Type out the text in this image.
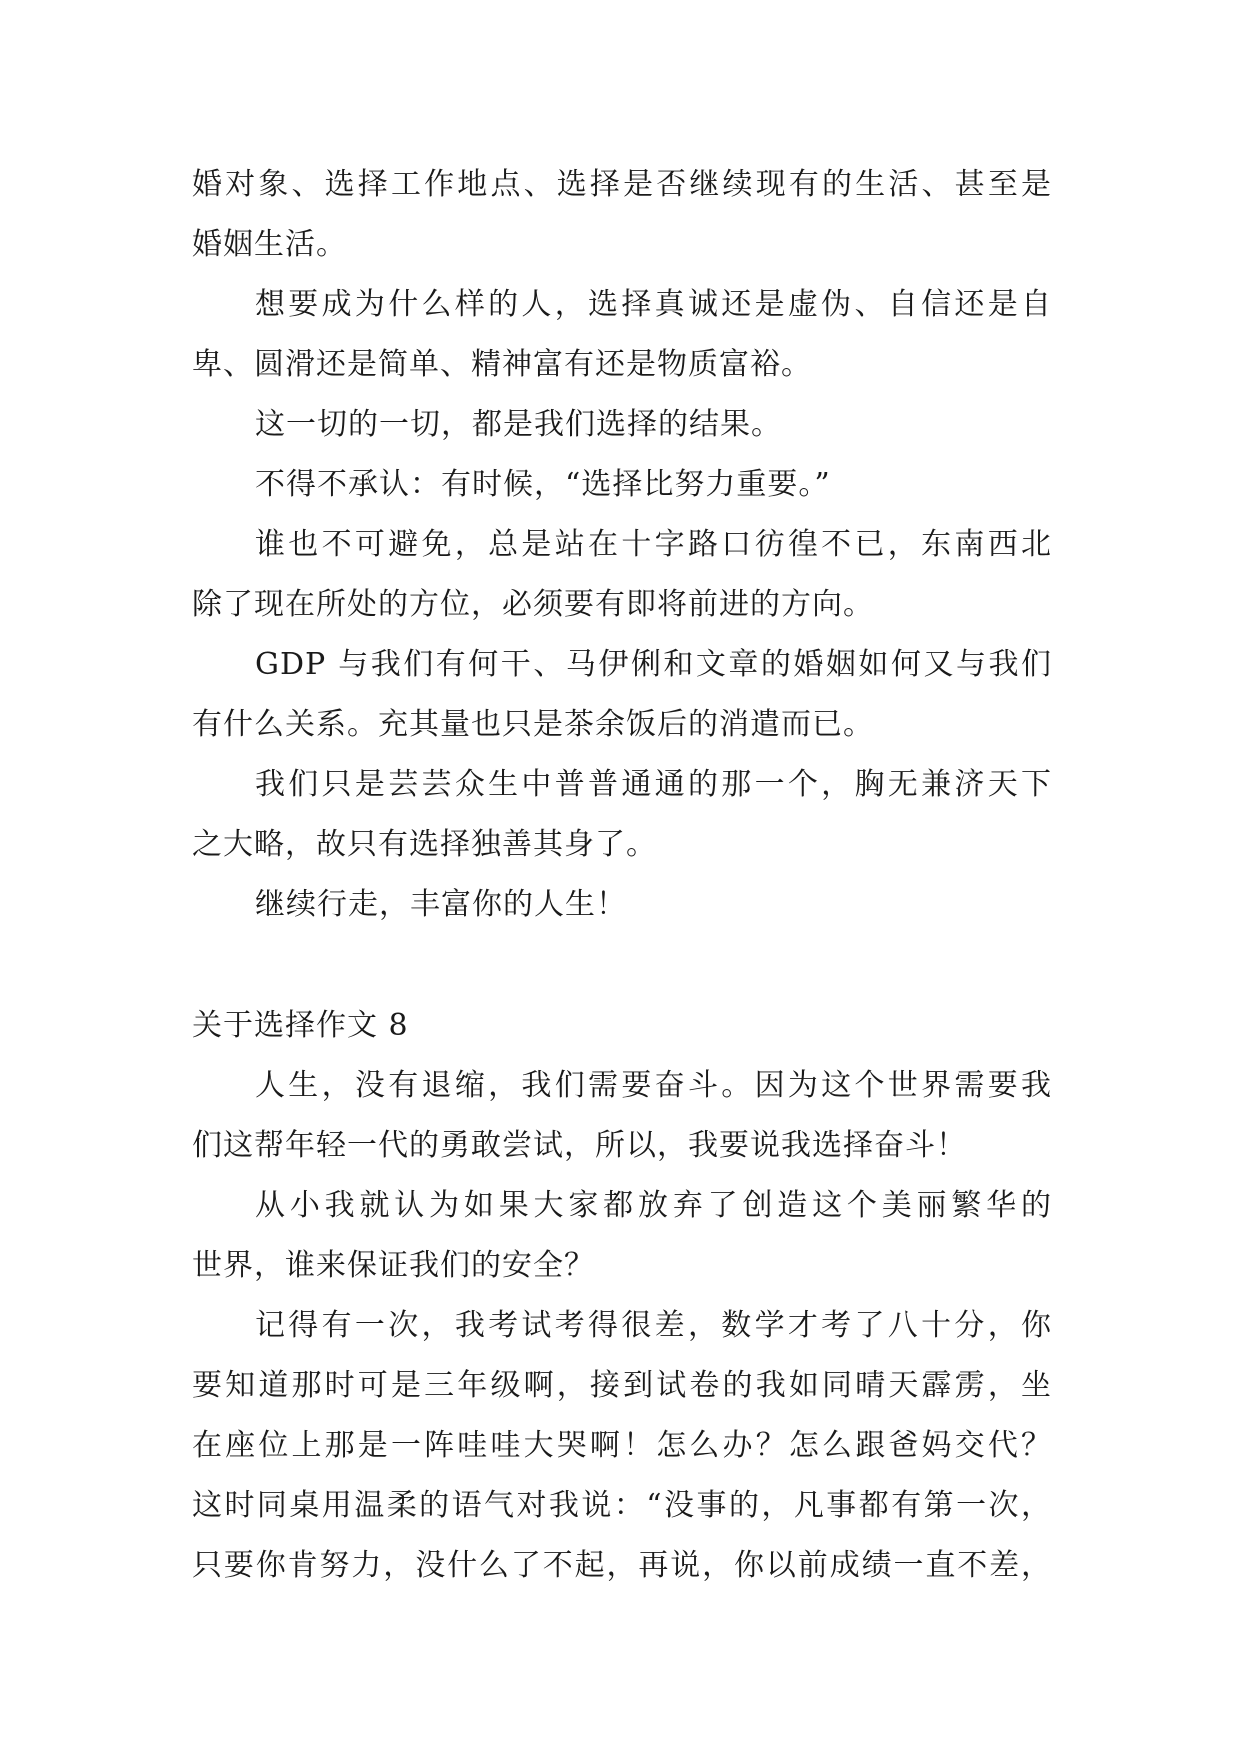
婚对象、选择工作地点、选择是否继续现有的生活、甚至是
婚姻生活。
想要成为什么样的人，选择真诚还是虚伪、自信还是自
卑、圆滑还是简单、精神富有还是物质富裕。
这一切的一切，都是我们选择的结果。
不得不承认：有时候，“选择比努力重要。”
谁也不可避免，总是站在十字路口彷徨不已，东南西北
除了现在所处的方位，必须要有即将前进的方向。
GDP 与我们有何干、马伊俐和文章的婚姻如何又与我们
有什么关系。充其量也只是茶余饭后的消遣而已。
我们只是芸芸众生中普普通通的那一个，胸无兼济天下
之大略，故只有选择独善其身了。
继续行走，丰富你的人生！
关于选择作文 8
人生，没有退缩，我们需要奋斗。因为这个世界需要我
们这帮年轻一代的勇敢尝试，所以，我要说我选择奋斗！
从小我就认为如果大家都放弃了创造这个美丽繁华的
世界，谁来保证我们的安全？
记得有一次，我考试考得很差，数学才考了八十分，你
要知道那时可是三年级啊，接到试卷的我如同晴天霹雳，坐
在座位上那是一阵哇哇大哭啊！怎么办？怎么跟爸妈交代？
这时同桌用温柔的语气对我说：“没事的，凡事都有第一次，
只要你肯努力，没什么了不起，再说，你以前成绩一直不差，
